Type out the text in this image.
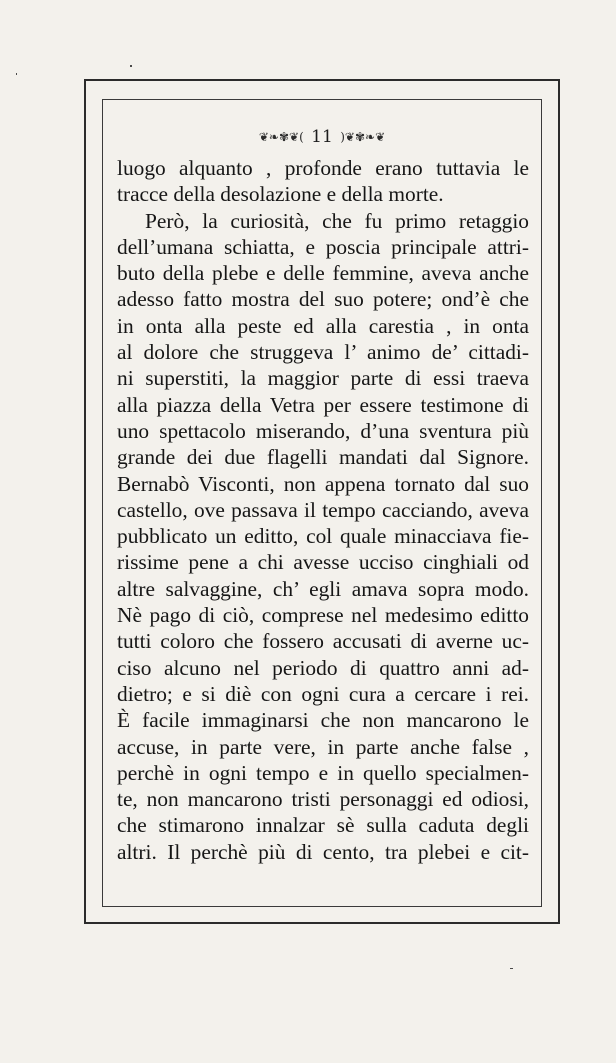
❦❧✾❦( 11 )❦✾❧❦
luogo alquanto , profonde erano tuttavia le
tracce della desolazione e della morte.
Però, la curiosità, che fu primo retaggio
dell’umana schiatta, e poscia principale attri-
buto della plebe e delle femmine, aveva anche
adesso fatto mostra del suo potere; ond’è che
in onta alla peste ed alla carestia , in onta
al dolore che struggeva l’ animo de’ cittadi-
ni superstiti, la maggior parte di essi traeva
alla piazza della Vetra per essere testimone di
uno spettacolo miserando, d’una sventura più
grande dei due flagelli mandati dal Signore.
Bernabò Visconti, non appena tornato dal suo
castello, ove passava il tempo cacciando, aveva
pubblicato un editto, col quale minacciava fie-
rissime pene a chi avesse ucciso cinghiali od
altre salvaggine, ch’ egli amava sopra modo.
Nè pago di ciò, comprese nel medesimo editto
tutti coloro che fossero accusati di averne uc-
ciso alcuno nel periodo di quattro anni ad-
dietro; e si diè con ogni cura a cercare i rei.
È facile immaginarsi che non mancarono le
accuse, in parte vere, in parte anche false ,
perchè in ogni tempo e in quello specialmen-
te, non mancarono tristi personaggi ed odiosi,
che stimarono innalzar sè sulla caduta degli
altri. Il perchè più di cento, tra plebei e cit-
